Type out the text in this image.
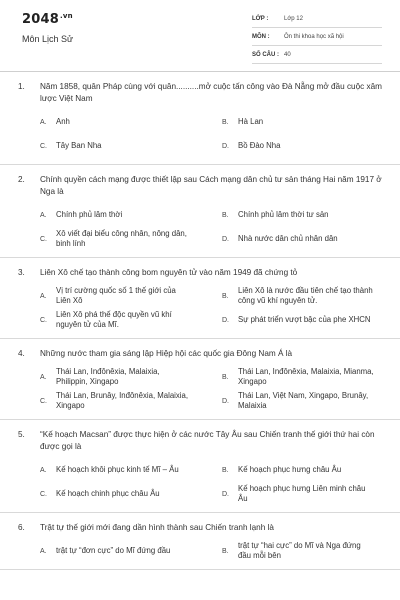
$2048^{.vn}$
Môn Lịch Sử
LỚP :	Lớp 12
MÔN : Ôn thi khoa học xã hội
SỐ CÂU : 40
1. Năm 1858, quân Pháp cùng với quân..........mở cuộc tấn công vào Đà Nẵng mở đầu cuộc xâm lược Việt Nam
A. Anh	B. Hà Lan
C. Tây Ban Nha	D. Bồ Đào Nha
2. Chính quyền cách mạng được thiết lập sau Cách mạng dân chủ tư sản tháng Hai năm 1917 ở Nga là
A. Chính phủ lâm thời	B. Chính phủ lâm thời tư sản
C.
Xô viết đại biểu công nhân, nông dân, binh lính	D. Nhà nước dân chủ nhân dân
3. Liên Xô chế tạo thành công bom nguyên tử vào năm 1949 đã chứng tỏ
A.
Vị trí cường quốc số 1 thế giới của Liên Xô	B.
Liên Xô là nước đầu tiên chế tạo thành công vũ khí nguyên tử.
C.
Liên Xô phá thế độc quyền vũ khí nguyên tử của Mĩ.	D. Sự phát triển vượt bậc của phe XHCN
4. Những nước tham gia sáng lập Hiệp hội các quốc gia Đông Nam Á là
A.
Thái Lan, Inđônêxia, Malaixia, Philippin, Xingapo	B.
Thái Lan, Inđônêxia, Malaixia, Mianma, Xingapo
C.
Thái Lan, Brunây, Inđônêxia, Malaixia, Xingapo	D.
Thái Lan, Việt Nam, Xingapo, Brunây, Malaixia
5. “Kế hoạch Macsan” được thực hiện ở các nước Tây Âu sau Chiến tranh thế giới thứ hai còn được gọi là
A. Kế hoạch khôi phục kinh tế Mĩ – Âu	B. Kế hoạch phục hưng châu Âu
C. Kế hoạch chinh phục châu Âu	D.
Kế hoạch phục hưng Liên minh châu Âu
6. Trật tự thế giới mới đang dần hình thành sau Chiến tranh lạnh là
A. trật tự “đơn cực” do Mĩ đứng đầu	B.
trật tự “hai cực” do Mĩ và Nga đứng đầu mỗi bên
